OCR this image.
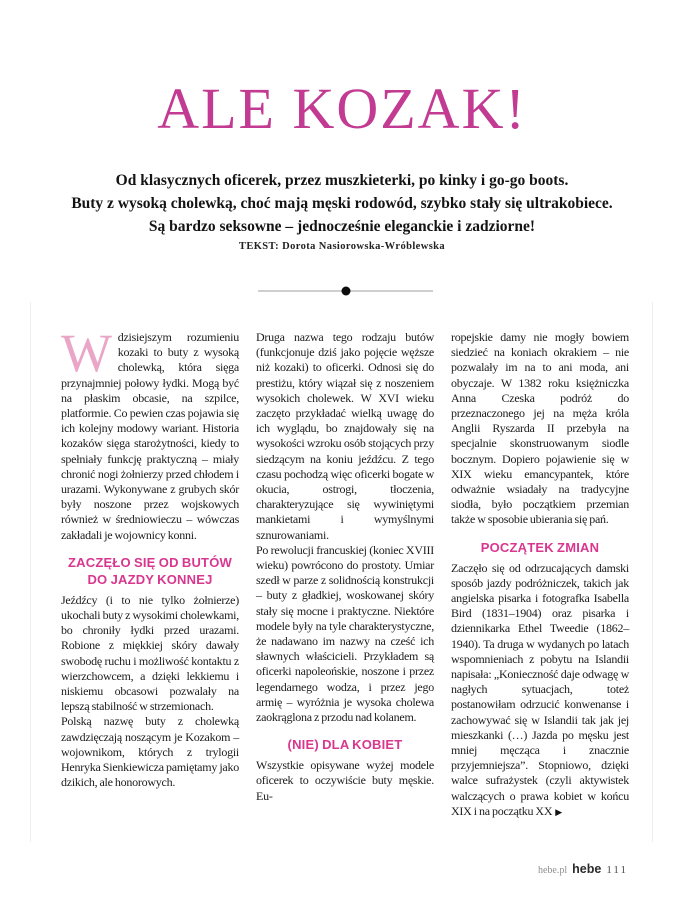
ALE KOZAK!
Od klasycznych oficerek, przez muszkieterki, po kinky i go-go boots.
Buty z wysoką cholewką, choć mają męski rodowód, szybko stały się ultrakobiece.
Są bardzo seksowne – jednocześnie eleganckie i zadziorne!
TEKST: Dorota Nasiorowska-Wróblewska

Wdzisiejszym rozumieniu kozaki to buty z wysoką cholewką, która sięga przynajmniej połowy łydki. Mogą być na płaskim obcasie, na szpilce, platformie. Co pewien czas pojawia się ich kolejny modowy wariant. Historia kozaków sięga starożytności, kiedy to spełniały funkcję praktyczną – miały chronić nogi żołnierzy przed chłodem i urazami. Wykonywane z grubych skór były noszone przez wojskowych również w średniowieczu – wówczas zakładali je wojownicy konni.

ZACZĘŁO SIĘ OD BUTÓW DO JAZDY KONNEJ

Jeźdźcy (i to nie tylko żołnierze) ukochali buty z wysokimi cholewkami, bo chroniły łydki przed urazami. Robione z miękkiej skóry dawały swobodę ruchu i możliwość kontaktu z wierzchowcem, a dzięki lekkiemu i niskiemu obcasowi pozwalały na lepszą stabilność w strzemionach.

Polską nazwę buty z cholewką zawdzięczają noszącym je Kozakom – wojownikom, których z trylogii Henryka Sienkiewicza pamiętamy jako dzikich, ale honorowych.

Druga nazwa tego rodzaju butów (funkcjonuje dziś jako pojęcie węższe niż kozaki) to oficerki. Odnosi się do prestiżu, który wiązał się z noszeniem wysokich cholewek. W XVI wieku zaczęto przykładać wielką uwagę do ich wyglądu, bo znajdowały się na wysokości wzroku osób stojących przy siedzącym na koniu jeźdźcu. Z tego czasu pochodzą więc oficerki bogate w okucia, ostrogi, tłoczenia, charakteryzujące się wywiniętymi mankietami i wymyślnymi sznurowaniami.

Po rewolucji francuskiej (koniec XVIII wieku) powrócono do prostoty. Umiar szedł w parze z solidnością konstrukcji – buty z gładkiej, woskowanej skóry stały się mocne i praktyczne. Niektóre modele były na tyle charakterystyczne, że nadawano im nazwy na cześć ich sławnych właścicieli. Przykładem są oficerki napoleońskie, noszone i przez legendarnego wodza, i przez jego armię – wyróżnia je wysoka cholewa zaokrąglona z przodu nad kolanem.

(NIE) DLA KOBIET

Wszystkie opisywane wyżej modele oficerek to oczywiście buty męskie. Eu-

ropejskie damy nie mogły bowiem siedzieć na koniach okrakiem – nie pozwalały im na to ani moda, ani obyczaje. W 1382 roku księżniczka Anna Czeska podróż do przeznaczonego jej na męża króla Anglii Ryszarda II przebyła na specjalnie skonstruowanym siodle bocznym. Dopiero pojawienie się w XIX wieku emancypantek, które odważnie wsiadały na tradycyjne siodła, było początkiem przemian także w sposobie ubierania się pań.

POCZĄTEK ZMIAN

Zaczęło się od odrzucających damski sposób jazdy podróżniczek, takich jak angielska pisarka i fotografka Isabella Bird (1831–1904) oraz pisarka i dziennikarka Ethel Tweedie (1862–1940). Ta druga w wydanych po latach wspomnieniach z pobytu na Islandii napisała: „Konieczność daje odwagę w nagłych sytuacjach, toteż postanowiłam odrzucić konwenanse i zachowywać się w Islandii tak jak jej mieszkanki (…) Jazda po męsku jest mniej męcząca i znacznie przyjemniejsza”. Stopniowo, dzięki walce sufrażystek (czyli aktywistek walczących o prawa kobiet w końcu XIX i na początku XX ▶

hebe.pl hebe 111
